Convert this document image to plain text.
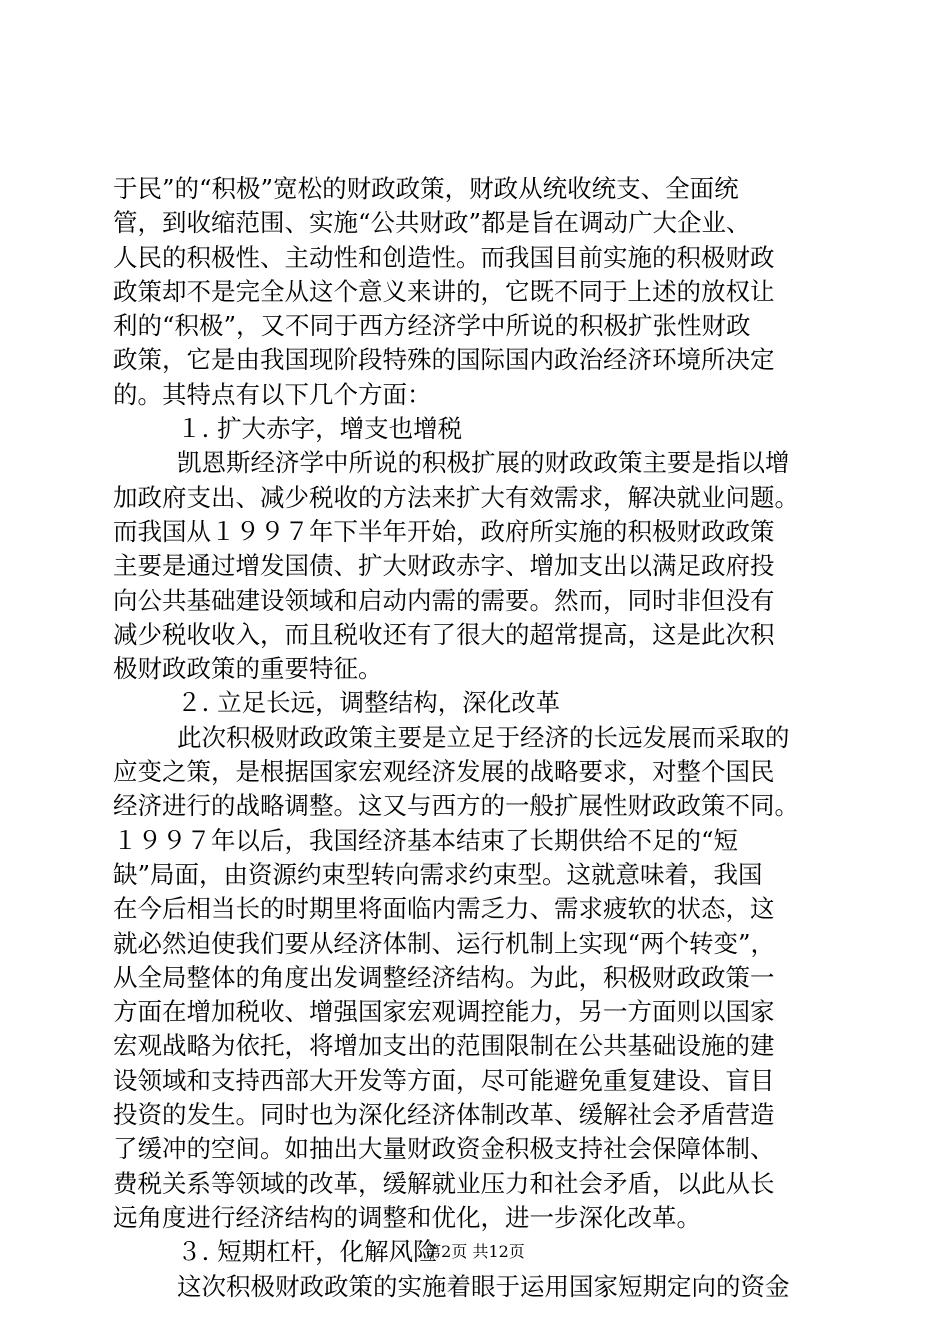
于民”的“积极”宽松的财政政策，财政从统收统支、全面统
管，到收缩范围、实施“公共财政”都是旨在调动广大企业、
人民的积极性、主动性和创造性。而我国目前实施的积极财政
政策却不是完全从这个意义来讲的，它既不同于上述的放权让
利的“积极”，又不同于西方经济学中所说的积极扩张性财政
政策，它是由我国现阶段特殊的国际国内政治经济环境所决定
的。其特点有以下几个方面：
１. 扩大赤字，增支也增税
凯恩斯经济学中所说的积极扩展的财政政策主要是指以增
加政府支出、减少税收的方法来扩大有效需求，解决就业问题。
而我国从１９９７年下半年开始，政府所实施的积极财政政策
主要是通过增发国债、扩大财政赤字、增加支出以满足政府投
向公共基础建设领域和启动内需的需要。然而，同时非但没有
减少税收收入，而且税收还有了很大的超常提高，这是此次积
极财政政策的重要特征。
２. 立足长远，调整结构，深化改革
此次积极财政政策主要是立足于经济的长远发展而采取的
应变之策，是根据国家宏观经济发展的战略要求，对整个国民
经济进行的战略调整。这又与西方的一般扩展性财政政策不同。
１９９７年以后，我国经济基本结束了长期供给不足的“短
缺”局面，由资源约束型转向需求约束型。这就意味着，我国
在今后相当长的时期里将面临内需乏力、需求疲软的状态，这
就必然迫使我们要从经济体制、运行机制上实现“两个转变”，
从全局整体的角度出发调整经济结构。为此，积极财政政策一
方面在增加税收、增强国家宏观调控能力，另一方面则以国家
宏观战略为依托，将增加支出的范围限制在公共基础设施的建
设领域和支持西部大开发等方面，尽可能避免重复建设、盲目
投资的发生。同时也为深化经济体制改革、缓解社会矛盾营造
了缓冲的空间。如抽出大量财政资金积极支持社会保障体制、
费税关系等领域的改革，缓解就业压力和社会矛盾，以此从长
远角度进行经济结构的调整和优化，进一步深化改革。
３. 短期杠杆，化解风险
这次积极财政政策的实施着眼于运用国家短期定向的资金
第2页 共12页
